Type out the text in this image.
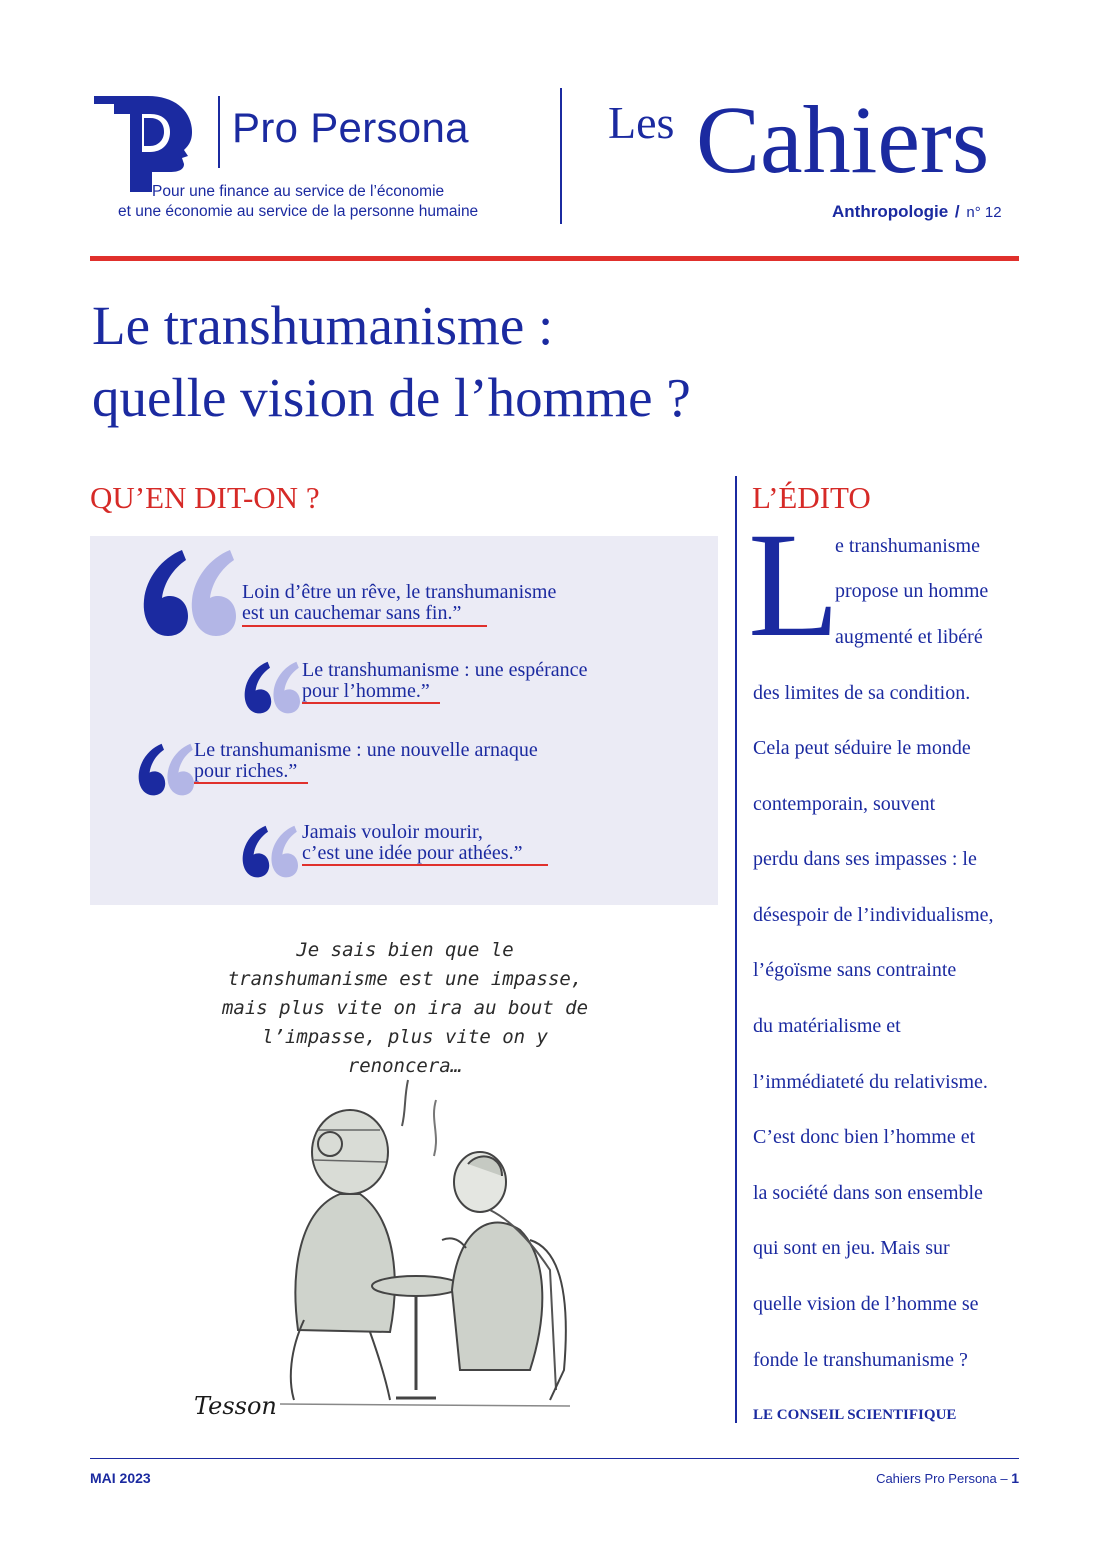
Pro Persona
Pour une finance au service de l’économie
et une économie au service de la personne humaine
Les Cahiers
Anthropologie / n° 12
Le transhumanisme :
quelle vision de l’homme ?
QU’EN DIT-ON ?
Loin d’être un rêve, le transhumanisme
est un cauchemar sans fin.”
Le transhumanisme : une espérance
pour l’homme.”
Le transhumanisme : une nouvelle arnaque
pour riches.”
Jamais vouloir mourir,
c’est une idée pour athées.”
Je sais bien que le transhumanisme est une impasse, mais plus vite on ira au bout de l’impasse, plus vite on y renoncera…
Tesson
L’ÉDITO
L
e transhumanisme
propose un homme
augmenté et libéré
des limites de sa condition.
Cela peut séduire le monde
contemporain, souvent
perdu dans ses impasses : le
désespoir de l’individualisme,
l’égoïsme sans contrainte
du matérialisme et
l’immédiateté du relativisme.
C’est donc bien l’homme et
la société dans son ensemble
qui sont en jeu. Mais sur
quelle vision de l’homme se
fonde le transhumanisme ?
LE CONSEIL SCIENTIFIQUE
MAI 2023	Cahiers Pro Persona – 1
